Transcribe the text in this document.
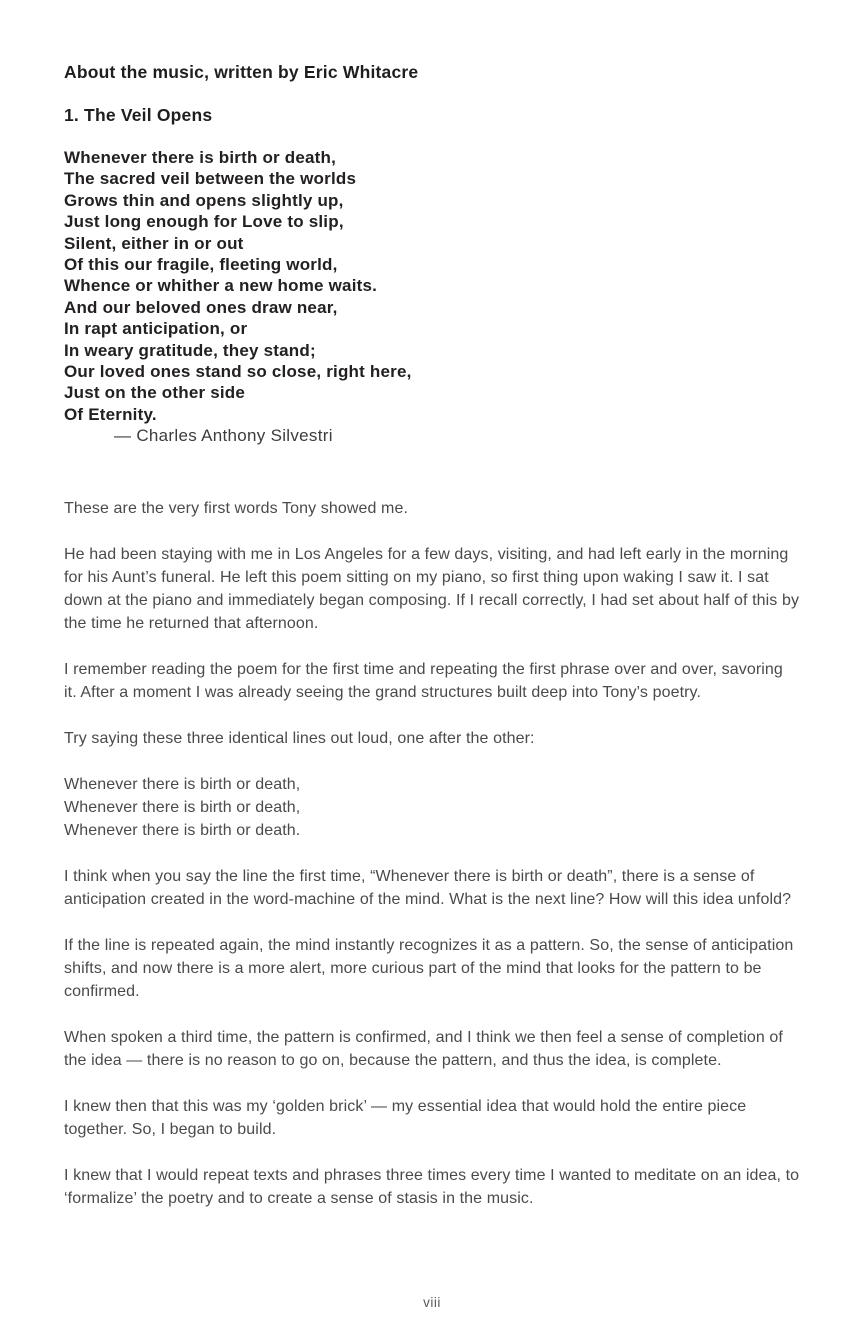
About the music, written by Eric Whitacre
1. The Veil Opens
Whenever there is birth or death,
The sacred veil between the worlds
Grows thin and opens slightly up,
Just long enough for Love to slip,
Silent, either in or out
Of this our fragile, fleeting world,
Whence or whither a new home waits.
And our beloved ones draw near,
In rapt anticipation, or
In weary gratitude, they stand;
Our loved ones stand so close, right here,
Just on the other side
Of Eternity.
— Charles Anthony Silvestri

These are the very first words Tony showed me.

He had been staying with me in Los Angeles for a few days, visiting, and had left early in the morning for his Aunt’s funeral. He left this poem sitting on my piano, so first thing upon waking I saw it. I sat down at the piano and immediately began composing. If I recall correctly, I had set about half of this by the time he returned that afternoon.

I remember reading the poem for the first time and repeating the first phrase over and over, savoring it. After a moment I was already seeing the grand structures built deep into Tony’s poetry.

Try saying these three identical lines out loud, one after the other:

Whenever there is birth or death,
Whenever there is birth or death,
Whenever there is birth or death.

I think when you say the line the first time, “Whenever there is birth or death”, there is a sense of anticipation created in the word-machine of the mind. What is the next line? How will this idea unfold?

If the line is repeated again, the mind instantly recognizes it as a pattern. So, the sense of anticipation shifts, and now there is a more alert, more curious part of the mind that looks for the pattern to be confirmed.

When spoken a third time, the pattern is confirmed, and I think we then feel a sense of completion of the idea — there is no reason to go on, because the pattern, and thus the idea, is complete.

I knew then that this was my ‘golden brick’ — my essential idea that would hold the entire piece together. So, I began to build.

I knew that I would repeat texts and phrases three times every time I wanted to meditate on an idea, to ‘formalize’ the poetry and to create a sense of stasis in the music.

viii
